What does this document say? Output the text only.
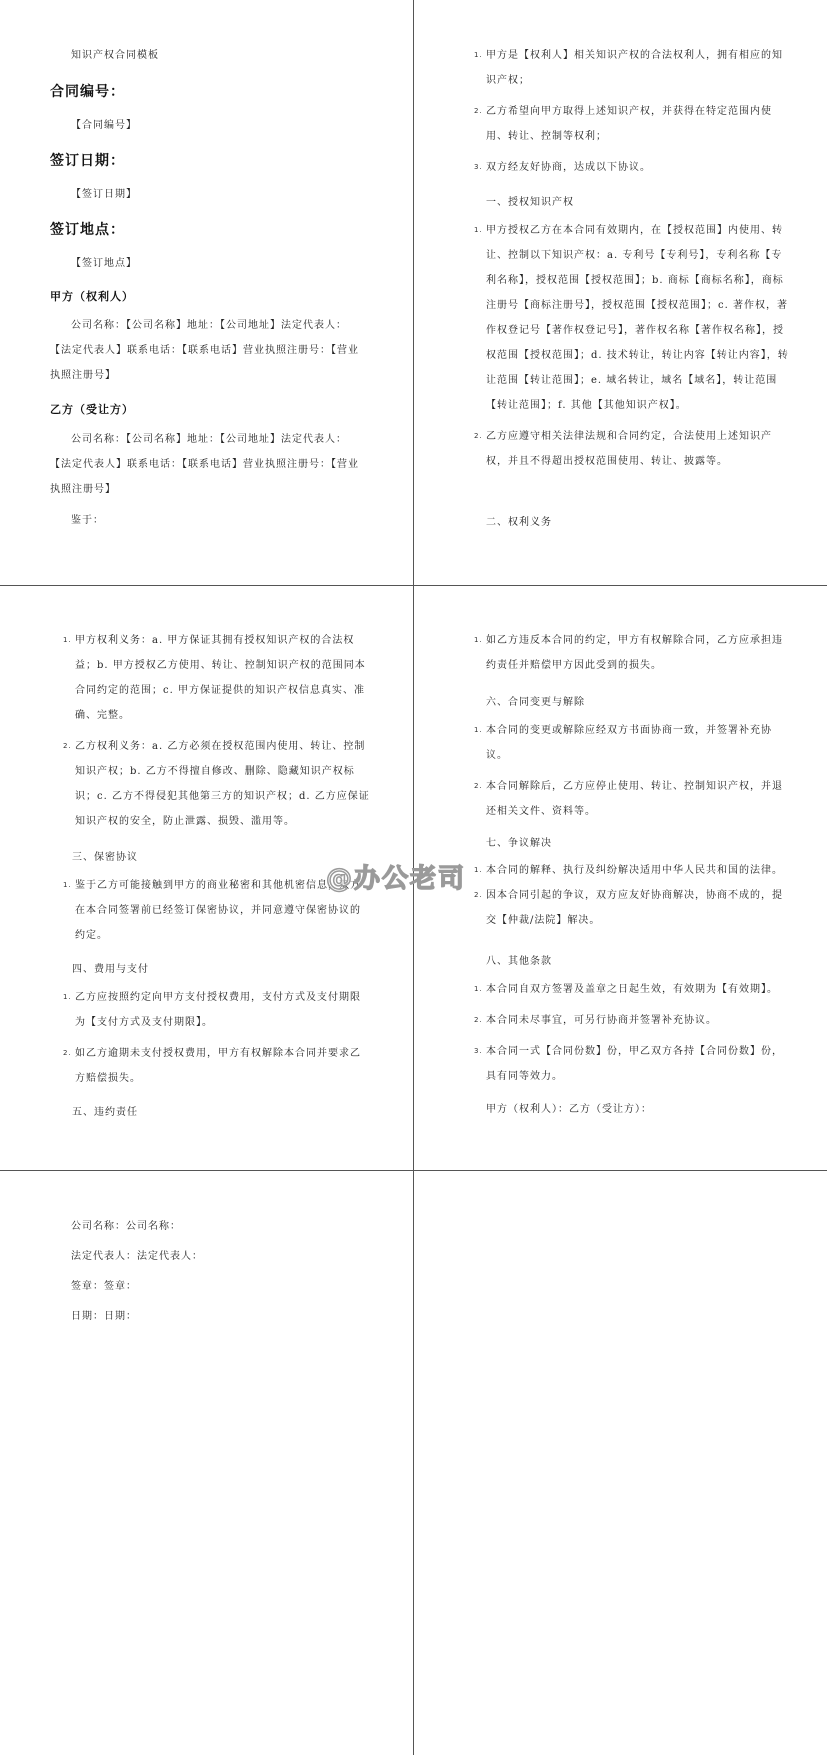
知识产权合同模板
合同编号：
【合同编号】
签订日期：
【签订日期】
签订地点：
【签订地点】
甲方（权利人）
公司名称：【公司名称】地址：【公司地址】法定代表人：
【法定代表人】联系电话：【联系电话】营业执照注册号：【营业
执照注册号】
乙方（受让方）
公司名称：【公司名称】地址：【公司地址】法定代表人：
【法定代表人】联系电话：【联系电话】营业执照注册号：【营业
执照注册号】
鉴于：
1. 甲方是【权利人】相关知识产权的合法权利人，拥有相应的知识产权；
2. 乙方希望向甲方取得上述知识产权，并获得在特定范围内使用、转让、控制等权利；
3. 双方经友好协商，达成以下协议。
一、授权知识产权
1. 甲方授权乙方在本合同有效期内，在【授权范围】内使用、转让、控制以下知识产权：a. 专利号【专利号】，专利名称【专利名称】，授权范围【授权范围】；b. 商标【商标名称】，商标注册号【商标注册号】，授权范围【授权范围】；c. 著作权，著作权登记号【著作权登记号】，著作权名称【著作权名称】，授权范围【授权范围】；d. 技术转让，转让内容【转让内容】，转让范围【转让范围】；e. 域名转让，域名【域名】，转让范围【转让范围】；f. 其他【其他知识产权】。
2. 乙方应遵守相关法律法规和合同约定，合法使用上述知识产权，并且不得超出授权范围使用、转让、披露等。
二、权利义务
1. 甲方权利义务：a. 甲方保证其拥有授权知识产权的合法权益；b. 甲方授权乙方使用、转让、控制知识产权的范围同本合同约定的范围；c. 甲方保证提供的知识产权信息真实、准确、完整。
2. 乙方权利义务：a. 乙方必须在授权范围内使用、转让、控制知识产权；b. 乙方不得擅自修改、删除、隐藏知识产权标识；c. 乙方不得侵犯其他第三方的知识产权；d. 乙方应保证知识产权的安全，防止泄露、损毁、滥用等。
三、保密协议
1. 鉴于乙方可能接触到甲方的商业秘密和其他机密信息，双方在本合同签署前已经签订保密协议，并同意遵守保密协议的约定。
四、费用与支付
1. 乙方应按照约定向甲方支付授权费用，支付方式及支付期限为【支付方式及支付期限】。
2. 如乙方逾期未支付授权费用，甲方有权解除本合同并要求乙方赔偿损失。
五、违约责任
1. 如乙方违反本合同的约定，甲方有权解除合同，乙方应承担违约责任并赔偿甲方因此受到的损失。
六、合同变更与解除
1. 本合同的变更或解除应经双方书面协商一致，并签署补充协议。
2. 本合同解除后，乙方应停止使用、转让、控制知识产权，并退还相关文件、资料等。
七、争议解决
1. 本合同的解释、执行及纠纷解决适用中华人民共和国的法律。
2. 因本合同引起的争议，双方应友好协商解决，协商不成的，提交【仲裁/法院】解决。
八、其他条款
1. 本合同自双方签署及盖章之日起生效，有效期为【有效期】。
2. 本合同未尽事宜，可另行协商并签署补充协议。
3. 本合同一式【合同份数】份，甲乙双方各持【合同份数】份，具有同等效力。
甲方（权利人）：乙方（受让方）：
公司名称：公司名称：
法定代表人：法定代表人：
签章：签章：
日期：日期：
@办公老司
